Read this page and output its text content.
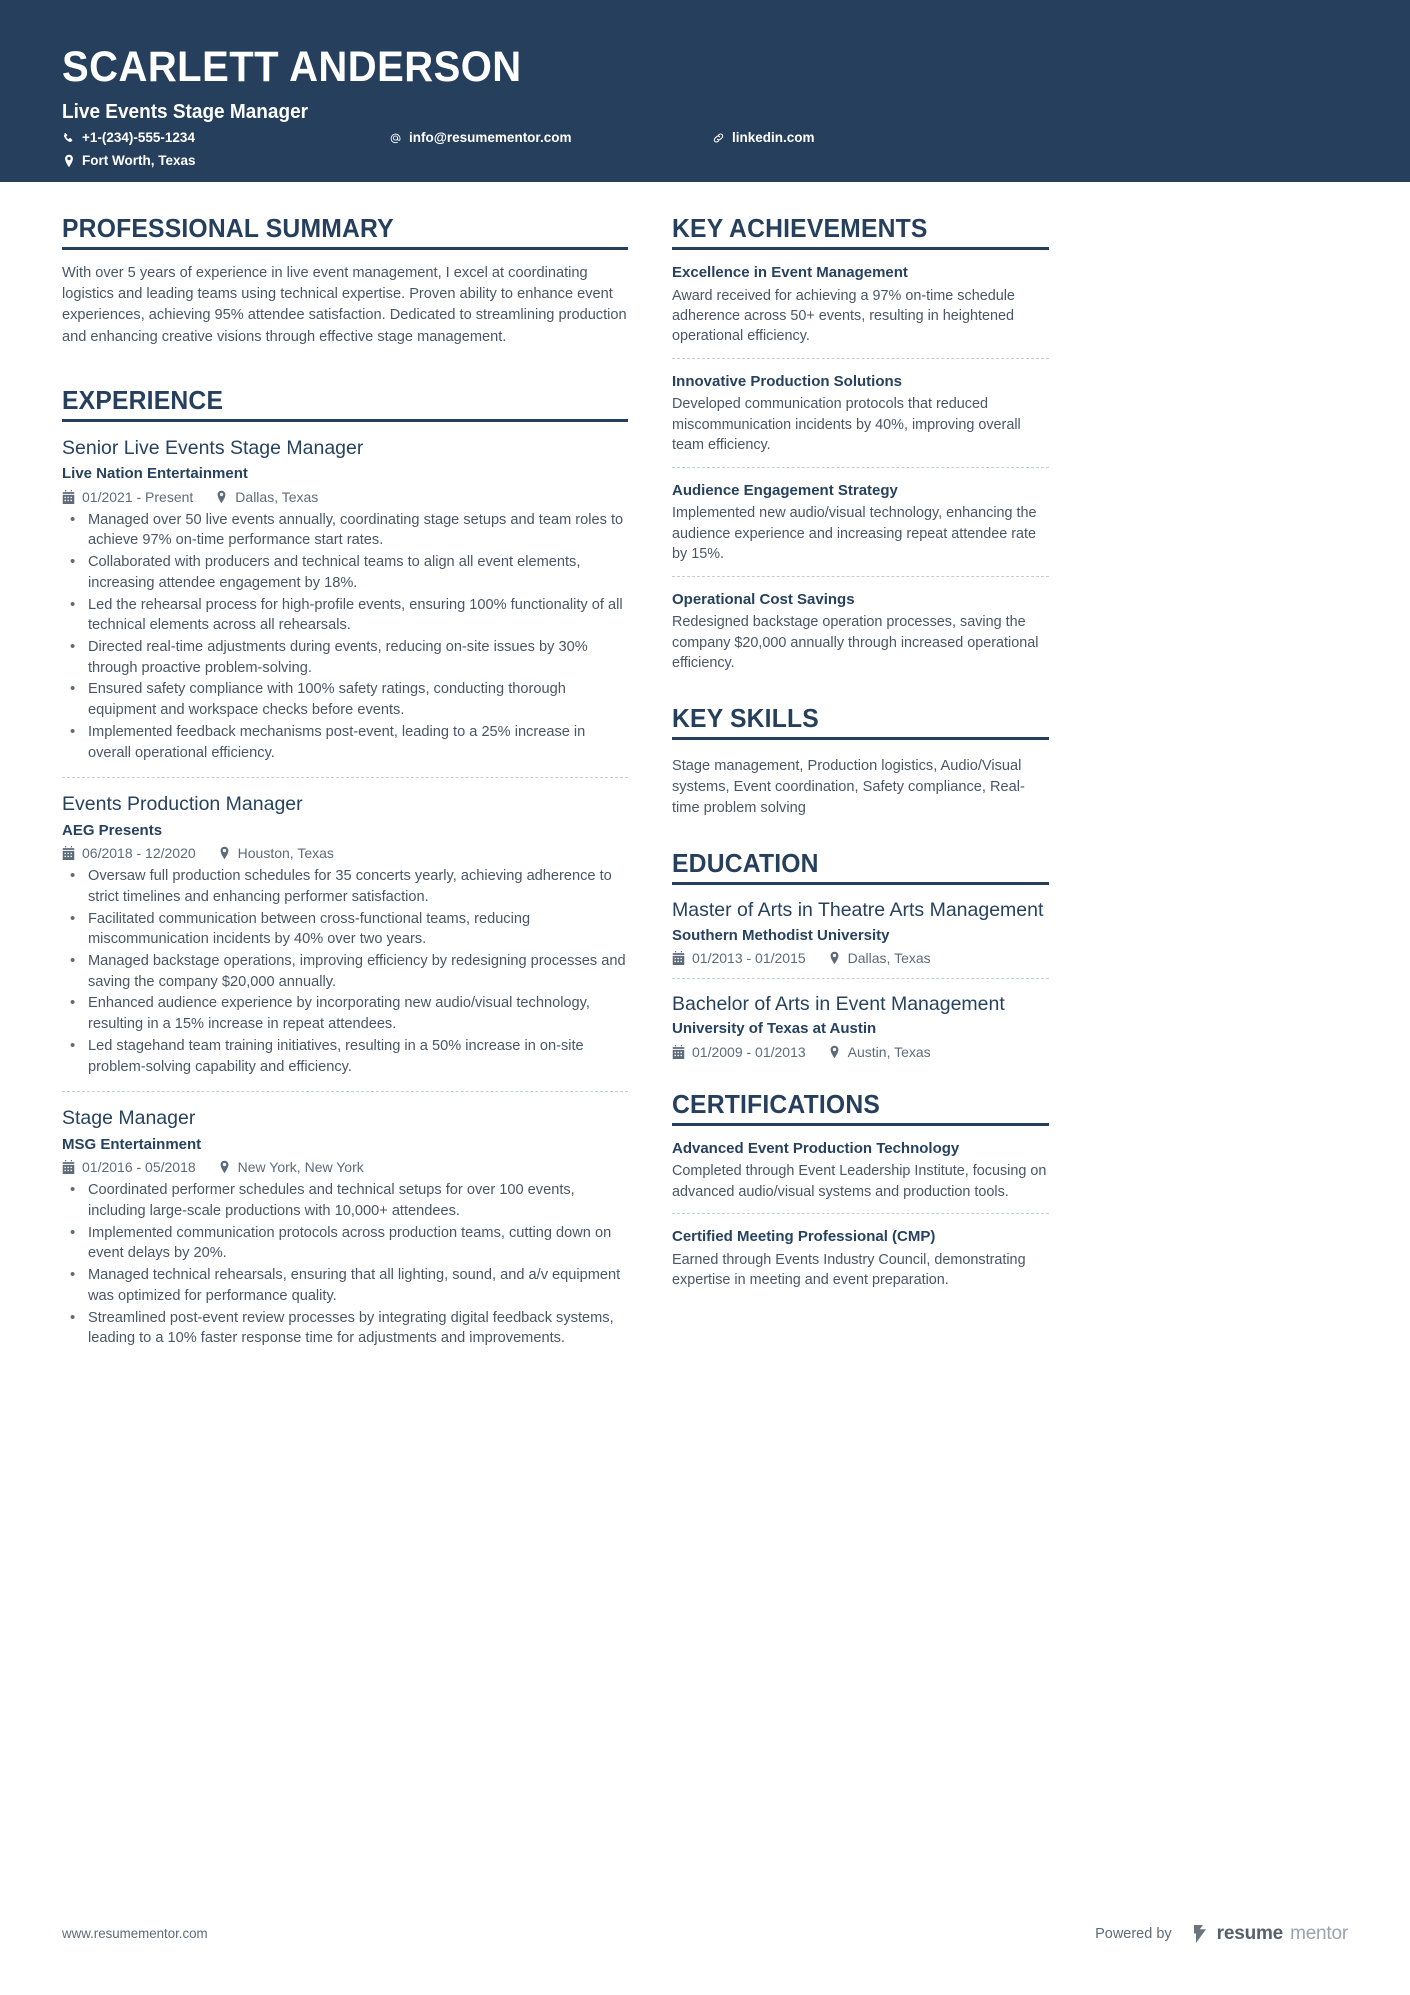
SCARLETT ANDERSON
Live Events Stage Manager
+1-(234)-555-1234	info@resumementor.com	linkedin.com
Fort Worth, Texas
PROFESSIONAL SUMMARY
With over 5 years of experience in live event management, I excel at coordinating logistics and leading teams using technical expertise. Proven ability to enhance event experiences, achieving 95% attendee satisfaction. Dedicated to streamlining production and enhancing creative visions through effective stage management.
EXPERIENCE
Senior Live Events Stage Manager
Live Nation Entertainment
01/2021 - Present	Dallas, Texas
• Managed over 50 live events annually, coordinating stage setups and team roles to achieve 97% on-time performance start rates.
• Collaborated with producers and technical teams to align all event elements, increasing attendee engagement by 18%.
• Led the rehearsal process for high-profile events, ensuring 100% functionality of all technical elements across all rehearsals.
• Directed real-time adjustments during events, reducing on-site issues by 30% through proactive problem-solving.
• Ensured safety compliance with 100% safety ratings, conducting thorough equipment and workspace checks before events.
• Implemented feedback mechanisms post-event, leading to a 25% increase in overall operational efficiency.
Events Production Manager
AEG Presents
06/2018 - 12/2020	Houston, Texas
• Oversaw full production schedules for 35 concerts yearly, achieving adherence to strict timelines and enhancing performer satisfaction.
• Facilitated communication between cross-functional teams, reducing miscommunication incidents by 40% over two years.
• Managed backstage operations, improving efficiency by redesigning processes and saving the company $20,000 annually.
• Enhanced audience experience by incorporating new audio/visual technology, resulting in a 15% increase in repeat attendees.
• Led stagehand team training initiatives, resulting in a 50% increase in on-site problem-solving capability and efficiency.
Stage Manager
MSG Entertainment
01/2016 - 05/2018	New York, New York
• Coordinated performer schedules and technical setups for over 100 events, including large-scale productions with 10,000+ attendees.
• Implemented communication protocols across production teams, cutting down on event delays by 20%.
• Managed technical rehearsals, ensuring that all lighting, sound, and a/v equipment was optimized for performance quality.
• Streamlined post-event review processes by integrating digital feedback systems, leading to a 10% faster response time for adjustments and improvements.
KEY ACHIEVEMENTS
Excellence in Event Management
Award received for achieving a 97% on-time schedule adherence across 50+ events, resulting in heightened operational efficiency.
Innovative Production Solutions
Developed communication protocols that reduced miscommunication incidents by 40%, improving overall team efficiency.
Audience Engagement Strategy
Implemented new audio/visual technology, enhancing the audience experience and increasing repeat attendee rate by 15%.
Operational Cost Savings
Redesigned backstage operation processes, saving the company $20,000 annually through increased operational efficiency.
KEY SKILLS
Stage management, Production logistics, Audio/Visual systems, Event coordination, Safety compliance, Real-time problem solving
EDUCATION
Master of Arts in Theatre Arts Management
Southern Methodist University
01/2013 - 01/2015	Dallas, Texas
Bachelor of Arts in Event Management
University of Texas at Austin
01/2009 - 01/2013	Austin, Texas
CERTIFICATIONS
Advanced Event Production Technology
Completed through Event Leadership Institute, focusing on advanced audio/visual systems and production tools.
Certified Meeting Professional (CMP)
Earned through Events Industry Council, demonstrating expertise in meeting and event preparation.
www.resumementor.com	Powered by resume mentor
